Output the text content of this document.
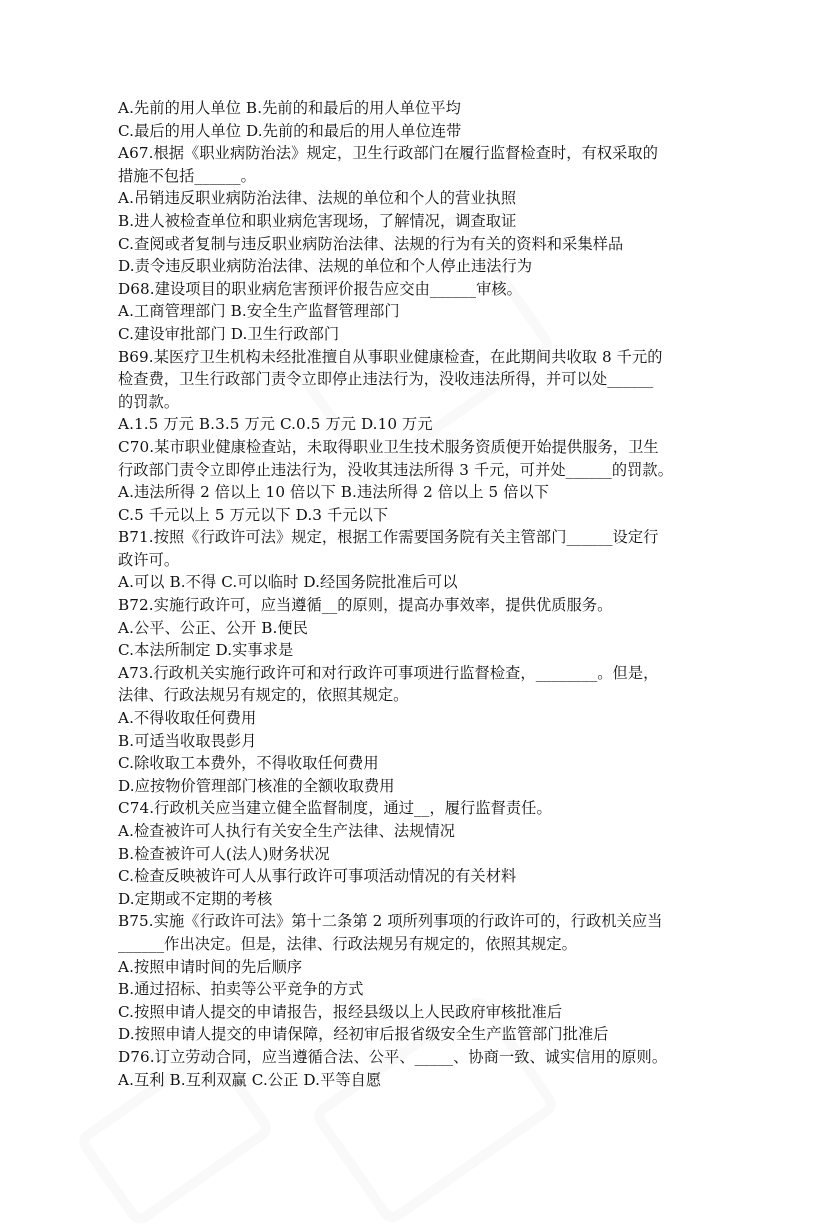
A.先前的用人单位 B.先前的和最后的用人单位平均
C.最后的用人单位 D.先前的和最后的用人单位连带
A67.根据《职业病防治法》规定，卫生行政部门在履行监督检查时，有权采取的
措施不包括______。
A.吊销违反职业病防治法律、法规的单位和个人的营业执照
B.进人被检查单位和职业病危害现场，了解情况，调查取证
C.查阅或者复制与违反职业病防治法律、法规的行为有关的资料和采集样品
D.责令违反职业病防治法律、法规的单位和个人停止违法行为
D68.建设项目的职业病危害预评价报告应交由______审核。
A.工商管理部门 B.安全生产监督管理部门
C.建设审批部门 D.卫生行政部门
B69.某医疗卫生机构未经批准擅自从事职业健康检查，在此期间共收取 8 千元的
检查费，卫生行政部门责令立即停止违法行为，没收违法所得，并可以处______
的罚款。
A.1.5 万元 B.3.5 万元 C.0.5 万元 D.10 万元
C70.某市职业健康检查站，未取得职业卫生技术服务资质便开始提供服务，卫生
行政部门责令立即停止违法行为，没收其违法所得 3 千元，可并处______的罚款。
A.违法所得 2 倍以上 10 倍以下 B.违法所得 2 倍以上 5 倍以下
C.5 千元以上 5 万元以下 D.3 千元以下
B71.按照《行政许可法》规定，根据工作需要国务院有关主管部门______设定行
政许可。
A.可以 B.不得 C.可以临时 D.经国务院批准后可以
B72.实施行政许可，应当遵循__的原则，提高办事效率，提供优质服务。
A.公平、公正、公开 B.便民
C.本法所制定 D.实事求是
A73.行政机关实施行政许可和对行政许可事项进行监督检查，________。但是，
法律、行政法规另有规定的，依照其规定。
A.不得收取任何费用
B.可适当收取畏彭月
C.除收取工本费外，不得收取任何费用
D.应按物价管理部门核准的全额收取费用
C74.行政机关应当建立健全监督制度，通过__，履行监督责任。
A.检查被许可人执行有关安全生产法律、法规情况
B.检查被许可人(法人)财务状况
C.检查反映被许可人从事行政许可事项活动情况的有关材料
D.定期或不定期的考核
B75.实施《行政许可法》第十二条第 2 项所列事项的行政许可的，行政机关应当
______作出决定。但是，法律、行政法规另有规定的，依照其规定。
A.按照申请时间的先后顺序
B.通过招标、拍卖等公平竞争的方式
C.按照申请人提交的申请报告，报经县级以上人民政府审核批准后
D.按照申请人提交的申请保障，经初审后报省级安全生产监管部门批准后
D76.订立劳动合同，应当遵循合法、公平、_____、协商一致、诚实信用的原则。
A.互利 B.互利双赢 C.公正 D.平等自愿
